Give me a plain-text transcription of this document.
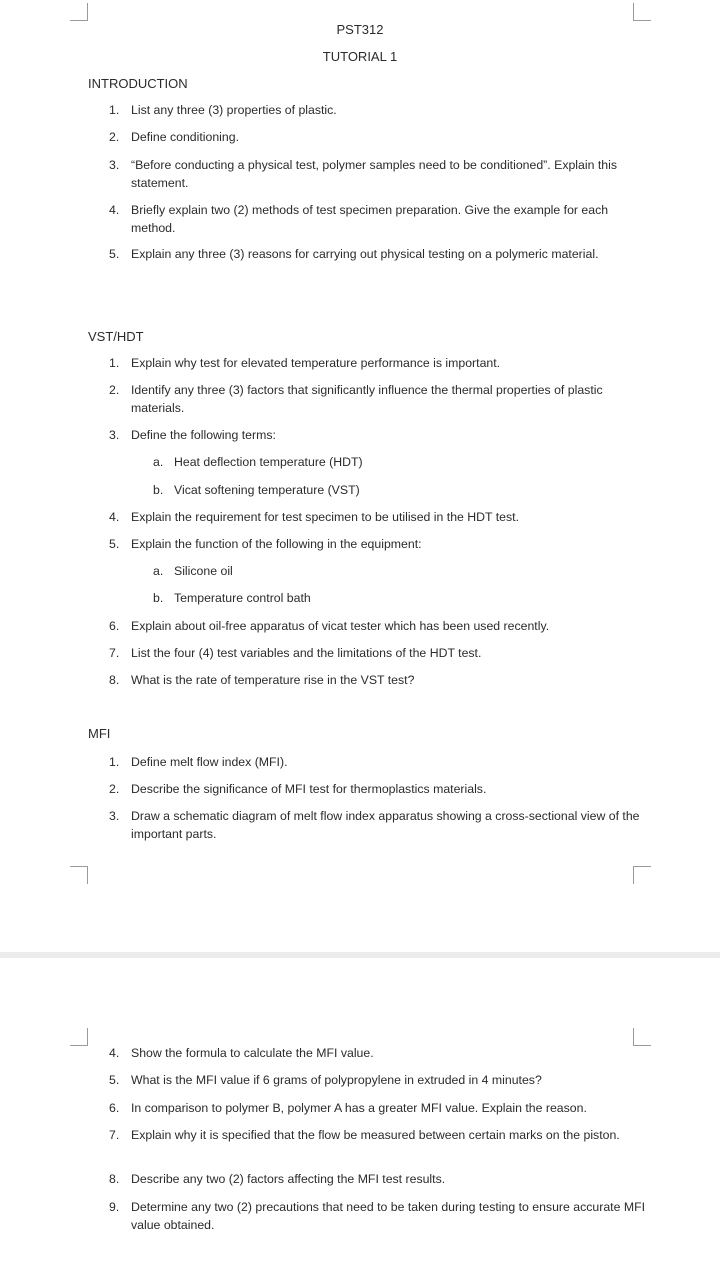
PST312
TUTORIAL 1
INTRODUCTION
1. List any three (3) properties of plastic.
2. Define conditioning.
3. “Before conducting a physical test, polymer samples need to be conditioned”. Explain this statement.
4. Briefly explain two (2) methods of test specimen preparation. Give the example for each method.
5. Explain any three (3) reasons for carrying out physical testing on a polymeric material.
VST/HDT
1. Explain why test for elevated temperature performance is important.
2. Identify any three (3) factors that significantly influence the thermal properties of plastic materials.
3. Define the following terms:
a. Heat deflection temperature (HDT)
b. Vicat softening temperature (VST)
4. Explain the requirement for test specimen to be utilised in the HDT test.
5. Explain the function of the following in the equipment:
a. Silicone oil
b. Temperature control bath
6. Explain about oil-free apparatus of vicat tester which has been used recently.
7. List the four (4) test variables and the limitations of the HDT test.
8. What is the rate of temperature rise in the VST test?
MFI
1. Define melt flow index (MFI).
2. Describe the significance of MFI test for thermoplastics materials.
3. Draw a schematic diagram of melt flow index apparatus showing a cross-sectional view of the important parts.
4. Show the formula to calculate the MFI value.
5. What is the MFI value if 6 grams of polypropylene in extruded in 4 minutes?
6. In comparison to polymer B, polymer A has a greater MFI value. Explain the reason.
7. Explain why it is specified that the flow be measured between certain marks on the piston.
8. Describe any two (2) factors affecting the MFI test results.
9. Determine any two (2) precautions that need to be taken during testing to ensure accurate MFI value obtained.
